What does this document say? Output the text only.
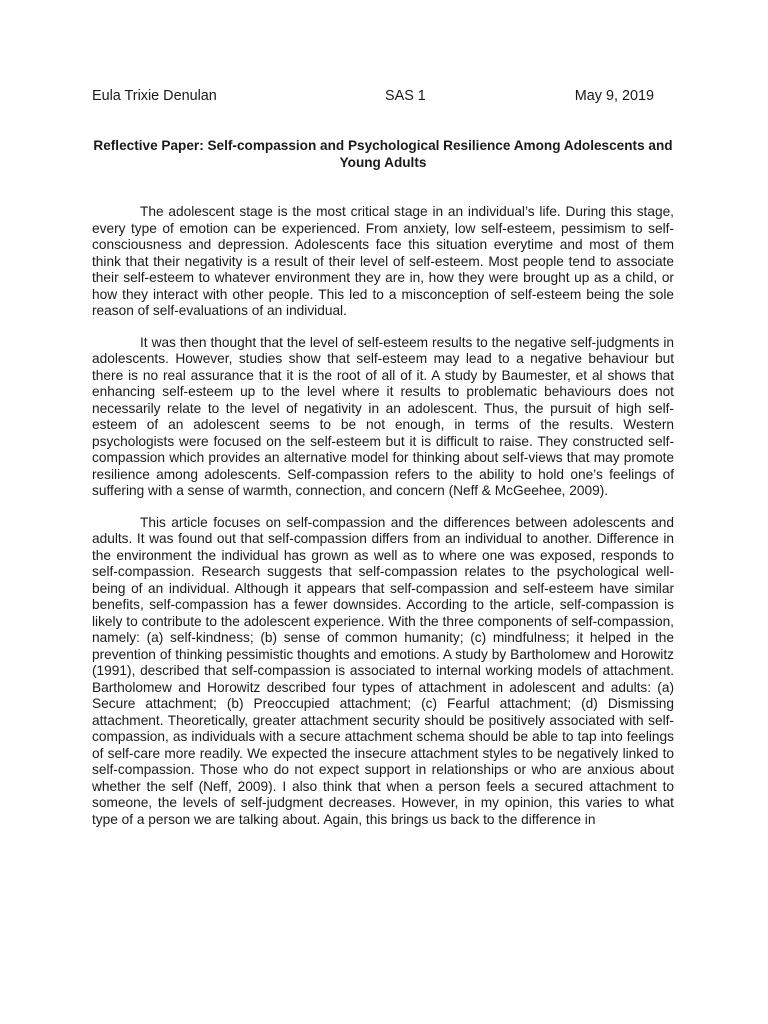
Eula Trixie Denulan	SAS 1	May 9, 2019
Reflective Paper: Self-compassion and Psychological Resilience Among Adolescents and Young Adults

The adolescent stage is the most critical stage in an individual’s life. During this stage, every type of emotion can be experienced. From anxiety, low self-esteem, pessimism to self-consciousness and depression. Adolescents face this situation everytime and most of them think that their negativity is a result of their level of self-esteem. Most people tend to associate their self-esteem to whatever environment they are in, how they were brought up as a child, or how they interact with other people. This led to a misconception of self-esteem being the sole reason of self-evaluations of an individual.

It was then thought that the level of self-esteem results to the negative self-judgments in adolescents. However, studies show that self-esteem may lead to a negative behaviour but there is no real assurance that it is the root of all of it. A study by Baumester, et al shows that enhancing self-esteem up to the level where it results to problematic behaviours does not necessarily relate to the level of negativity in an adolescent. Thus, the pursuit of high self-esteem of an adolescent seems to be not enough, in terms of the results. Western psychologists were focused on the self-esteem but it is difficult to raise. They constructed self-compassion which provides an alternative model for thinking about self-views that may promote resilience among adolescents. Self-compassion refers to the ability to hold one’s feelings of suffering with a sense of warmth, connection, and concern (Neff & McGeehee, 2009).

This article focuses on self-compassion and the differences between adolescents and adults. It was found out that self-compassion differs from an individual to another. Difference in the environment the individual has grown as well as to where one was exposed, responds to self-compassion. Research suggests that self-compassion relates to the psychological well-being of an individual. Although it appears that self-compassion and self-esteem have similar benefits, self-compassion has a fewer downsides. According to the article, self-compassion is likely to contribute to the adolescent experience. With the three components of self-compassion, namely: (a) self-kindness; (b) sense of common humanity; (c) mindfulness; it helped in the prevention of thinking pessimistic thoughts and emotions. A study by Bartholomew and Horowitz (1991), described that self-compassion is associated to internal working models of attachment. Bartholomew and Horowitz described four types of attachment in adolescent and adults: (a) Secure attachment; (b) Preoccupied attachment; (c) Fearful attachment; (d) Dismissing attachment. Theoretically, greater attachment security should be positively associated with self-compassion, as individuals with a secure attachment schema should be able to tap into feelings of self-care more readily. We expected the insecure attachment styles to be negatively linked to self-compassion. Those who do not expect support in relationships or who are anxious about whether the self (Neff, 2009). I also think that when a person feels a secured attachment to someone, the levels of self-judgment decreases. However, in my opinion, this varies to what type of a person we are talking about. Again, this brings us back to the difference in
